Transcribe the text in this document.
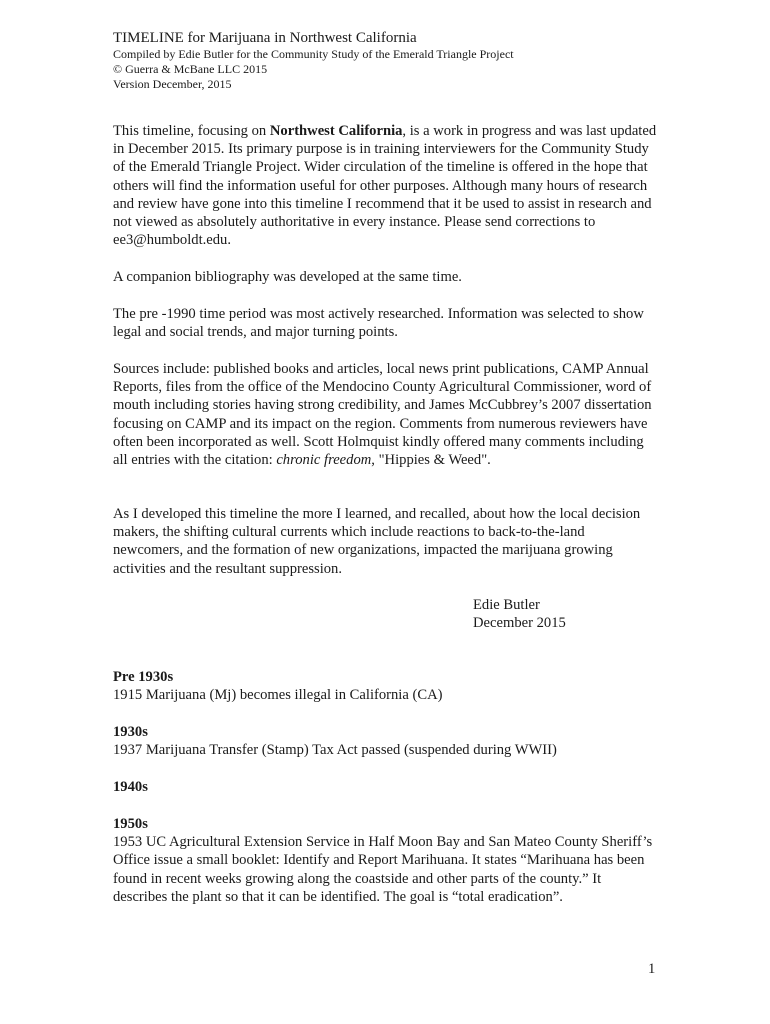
TIMELINE for Marijuana in Northwest California
Compiled by Edie Butler for the Community Study of the Emerald Triangle Project
© Guerra & McBane LLC 2015
Version December, 2015

This timeline, focusing on Northwest California, is a work in progress and was last updated in December 2015. Its primary purpose is in training interviewers for the Community Study of the Emerald Triangle Project. Wider circulation of the timeline is offered in the hope that others will find the information useful for other purposes. Although many hours of research and review have gone into this timeline I recommend that it be used to assist in research and not viewed as absolutely authoritative in every instance. Please send corrections to ee3@humboldt.edu.

A companion bibliography was developed at the same time.

The pre -1990 time period was most actively researched. Information was selected to show legal and social trends, and major turning points.

Sources include: published books and articles, local news print publications, CAMP Annual Reports, files from the office of the Mendocino County Agricultural Commissioner, word of mouth including stories having strong credibility, and James McCubbrey’s 2007 dissertation focusing on CAMP and its impact on the region. Comments from numerous reviewers have often been incorporated as well. Scott Holmquist kindly offered many comments including all entries with the citation: chronic freedom, "Hippies & Weed".

As I developed this timeline the more I learned, and recalled, about how the local decision makers, the shifting cultural currents which include reactions to back-to-the-land newcomers, and the formation of new organizations, impacted the marijuana growing activities and the resultant suppression.

Edie Butler
December 2015
Pre 1930s
1915 Marijuana (Mj) becomes illegal in California (CA)
1930s
1937 Marijuana Transfer (Stamp) Tax Act passed (suspended during WWII)
1940s
1950s
1953 UC Agricultural Extension Service in Half Moon Bay and San Mateo County Sheriff’s Office issue a small booklet: Identify and Report Marihuana. It states “Marihuana has been found in recent weeks growing along the coastside and other parts of the county.” It describes the plant so that it can be identified. The goal is “total eradication”.
1
